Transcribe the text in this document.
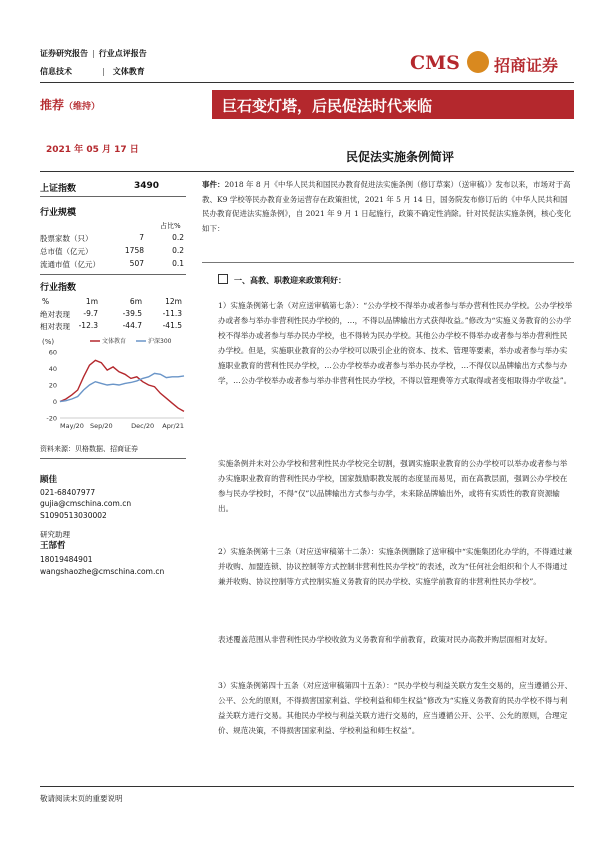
证券研究报告 | 行业点评报告
信息技术	| 文体教育	CMS 招商证券
推荐（维持）	巨石变灯塔，后民促法时代来临
2021 年 05 月 17 日	民促法实施条例简评
上证指数	3490
行业规模
占比%
股票家数（只）	7	0.2
总市值（亿元）	1758	0.2
流通市值（亿元）	507	0.1
行业指数
%	1m	6m	12m
绝对表现 -9.7	-39.5	-11.3
相对表现 -12.3	-44.7	-41.5
(%)	文体教育	沪深300
60
40
20
0
-20
May/20 Sep/20	Dec/20 Apr/21
资料来源：贝格数据、招商证券
顾佳
021-68407977
gujia@cmschina.com.cn
S1090513030002
研究助理
王郜哲
18019484901
wangshaozhe@cmschina.com.cn
事件：2018 年 8 月《中华人民共和国民办教育促进法实施条例（修订草案）（送审稿）》发布以来，市场对于高教、K9 学校等民办教育业务运营存在政策担忧，2021 年 5 月 14 日，国务院发布修订后的《中华人民共和国民办教育促进法实施条例》，自 2021 年 9 月 1 日起施行，政策不确定性消除。针对民促法实施条例，核心变化如下：
一、高教、职教迎来政策利好：
1）实施条例第七条（对应送审稿第七条）：“公办学校不得举办或者参与举办营利性民办学校。公办学校举办或者参与举办非营利性民办学校的，…，不得以品牌输出方式获得收益。”修改为“实施义务教育的公办学校不得举办或者参与举办民办学校，也不得转为民办学校。其他公办学校不得举办或者参与举办营利性民办学校。但是，实施职业教育的公办学校可以吸引企业的资本、技术、管理等要素，举办或者参与举办实施职业教育的营利性民办学校，…公办学校举办或者参与举办民办学校，…不得仅以品牌输出方式参与办学，…公办学校举办或者参与举办非营利性民办学校，不得以管理费等方式取得或者变相取得办学收益”。
实施条例并未对公办学校和营利性民办学校完全切割，强调实施职业教育的公办学校可以举办或者参与举办实施职业教育的营利性民办学校，国家鼓励职教发展的态度显而易见，而在高教层面，强调公办学校在参与民办学校时，不得“仅”以品牌输出方式参与办学，未来除品牌输出外，或将有实质性的教育资源输出。
2）实施条例第十三条（对应送审稿第十二条）：实施条例删除了送审稿中“实施集团化办学的，不得通过兼并收购、加盟连锁、协议控制等方式控制非营利性民办学校”的表述，改为“任何社会组织和个人不得通过兼并收购、协议控制等方式控制实施义务教育的民办学校、实施学前教育的非营利性民办学校”。
表述覆盖范围从非营利性民办学校收敛为义务教育和学前教育，政策对民办高教并购层面相对友好。
3）实施条例第四十五条（对应送审稿第四十五条）：“民办学校与利益关联方发生交易的，应当遵循公开、公平、公允的原则，不得损害国家利益、学校利益和师生权益”修改为“实施义务教育的民办学校不得与利益关联方进行交易。其他民办学校与利益关联方进行交易的，应当遵循公开、公平、公允的原则，合理定价、规范决策，不得损害国家利益、学校利益和师生权益”。
敬请阅读末页的重要说明
